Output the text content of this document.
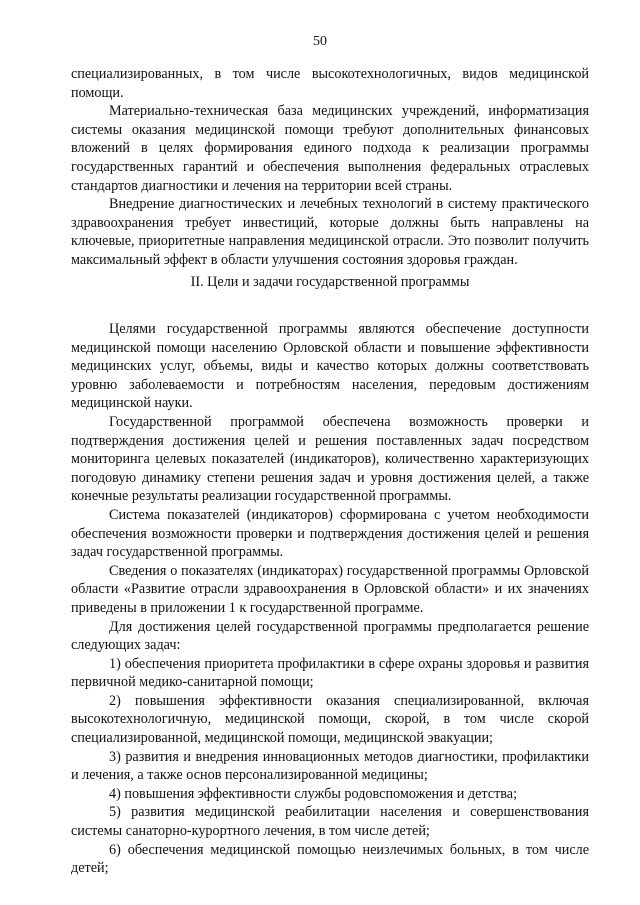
50

специализированных, в том числе высокотехнологичных, видов медицинской помощи.

Материально-техническая база медицинских учреждений, информатизация системы оказания медицинской помощи требуют дополнительных финансовых вложений в целях формирования единого подхода к реализации программы государственных гарантий и обеспечения выполнения федеральных отраслевых стандартов диагностики и лечения на территории всей страны.

Внедрение диагностических и лечебных технологий в систему практического здравоохранения требует инвестиций, которые должны быть направлены на ключевые, приоритетные направления медицинской отрасли. Это позволит получить максимальный эффект в области улучшения состояния здоровья граждан.

II. Цели и задачи государственной программы

Целями государственной программы являются обеспечение доступности медицинской помощи населению Орловской области и повышение эффективности медицинских услуг, объемы, виды и качество которых должны соответствовать уровню заболеваемости и потребностям населения, передовым достижениям медицинской науки.

Государственной программой обеспечена возможность проверки и подтверждения достижения целей и решения поставленных задач посредством мониторинга целевых показателей (индикаторов), количественно характеризующих погодовую динамику степени решения задач и уровня достижения целей, а также конечные результаты реализации государственной программы.

Система показателей (индикаторов) сформирована с учетом необходимости обеспечения возможности проверки и подтверждения достижения целей и решения задач государственной программы.

Сведения о показателях (индикаторах) государственной программы Орловской области «Развитие отрасли здравоохранения в Орловской области» и их значениях приведены в приложении 1 к государственной программе.

Для достижения целей государственной программы предполагается решение следующих задач:

1) обеспечения приоритета профилактики в сфере охраны здоровья и развития первичной медико-санитарной помощи;

2) повышения эффективности оказания специализированной, включая высокотехнологичную, медицинской помощи, скорой, в том числе скорой специализированной, медицинской помощи, медицинской эвакуации;

3) развития и внедрения инновационных методов диагностики, профилактики и лечения, а также основ персонализированной медицины;

4) повышения эффективности службы родовспоможения и детства;

5) развития медицинской реабилитации населения и совершенствования системы санаторно-курортного лечения, в том числе детей;

6) обеспечения медицинской помощью неизлечимых больных, в том числе детей;
